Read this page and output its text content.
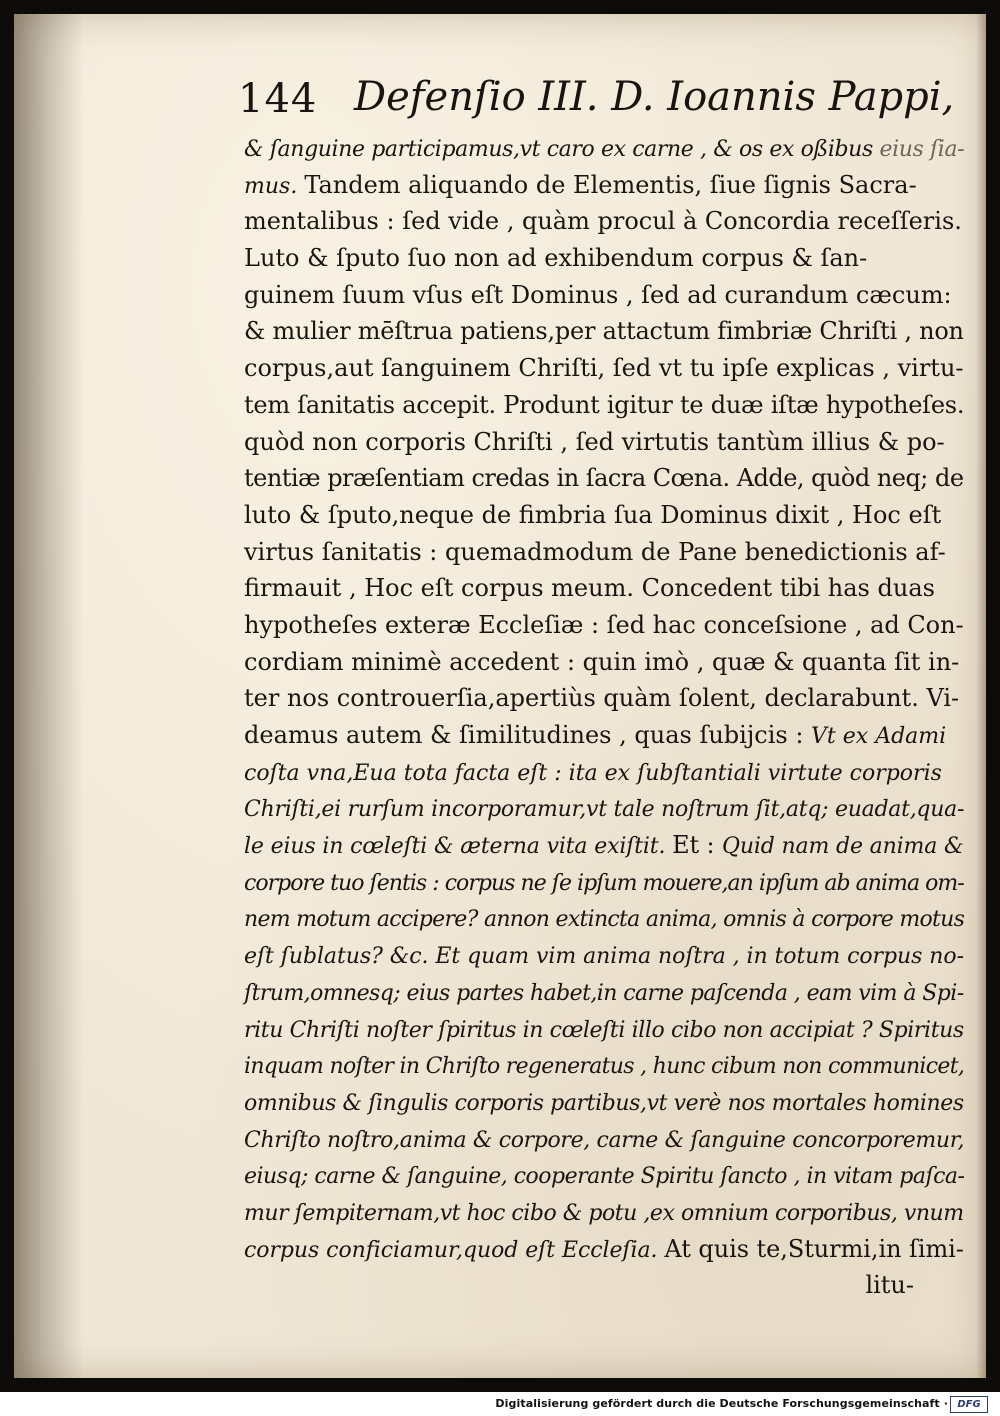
144 Defenſio III. D. Ioannis Pappi,
& ſanguine participamus,vt caro ex carne , & os ex oßibus eius ſia-
mus. Tandem aliquando de Elementis, ſiue ſignis Sacra-
mentalibus : ſed vide , quàm procul à Concordia receſſeris.
Luto & ſputo ſuo non ad exhibendum corpus & ſan-
guinem ſuum vſus eſt Dominus , ſed ad curandum cæcum:
& mulier mēſtrua patiens,per attactum fimbriæ Chriſti , non
corpus,aut ſanguinem Chriſti, ſed vt tu ipſe explicas , virtu-
tem ſanitatis accepit. Produnt igitur te duæ iſtæ hypotheſes.
quòd non corporis Chriſti , ſed virtutis tantùm illius & po-
tentiæ præſentiam credas in ſacra Cœna. Adde, quòd neq; de
luto & ſputo,neque de fimbria ſua Dominus dixit , Hoc eſt
virtus ſanitatis : quemadmodum de Pane benedictionis af-
firmauit , Hoc eſt corpus meum. Concedent tibi has duas
hypotheſes exteræ Eccleſiæ : ſed hac conceſsione , ad Con-
cordiam minimè accedent : quin imò , quæ & quanta ſit in-
ter nos controuerſia,apertiùs quàm ſolent, declarabunt. Vi-
deamus autem & ſimilitudines , quas ſubijcis : Vt ex Adami
coſta vna,Eua tota facta eſt : ita ex ſubſtantiali virtute corporis
Chriſti,ei rurſum incorporamur,vt tale noſtrum ſit,atq; euadat,qua-
le eius in cœleſti & æterna vita exiſtit. Et : Quid nam de anima &
corpore tuo ſentis : corpus ne ſe ipſum mouere,an ipſum ab anima om-
nem motum accipere? annon extincta anima, omnis à corpore motus
eſt ſublatus? &c. Et quam vim anima noſtra , in totum corpus no-
ſtrum,omnesq; eius partes habet,in carne paſcenda , eam vim à Spi-
ritu Chriſti noſter ſpiritus in cœleſti illo cibo non accipiat ? Spiritus
inquam noſter in Chriſto regeneratus , hunc cibum non communicet,
omnibus & ſingulis corporis partibus,vt verè nos mortales homines
Chriſto noſtro,anima & corpore, carne & ſanguine concorporemur,
eiusq; carne & ſanguine, cooperante Spiritu ſancto , in vitam paſca-
mur ſempiternam,vt hoc cibo & potu ,ex omnium corporibus, vnum
corpus conficiamur,quod eſt Eccleſia. At quis te,Sturmi,in ſimi-
litu-
Digitalisierung gefördert durch die Deutsche Forschungsgemeinschaft · DFG
